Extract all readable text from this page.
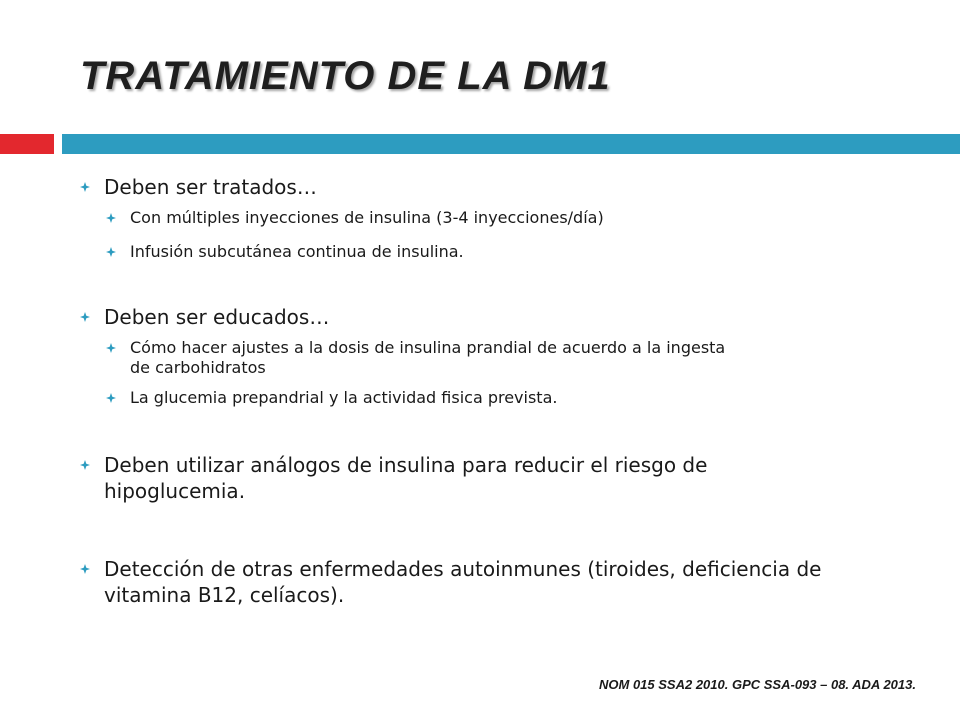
TRATAMIENTO DE LA DM1
Deben ser tratados…
Con múltiples inyecciones de insulina (3-4 inyecciones/día)
Infusión subcutánea continua de insulina.
Deben ser educados…
Cómo hacer ajustes a la dosis de insulina prandial de acuerdo a la ingesta de carbohidratos
La glucemia prepandrial y la actividad fisica prevista.
Deben utilizar análogos de insulina para reducir el riesgo de hipoglucemia.
Detección de otras enfermedades autoinmunes (tiroides, deficiencia de vitamina B12, celíacos).
NOM 015 SSA2 2010. GPC SSA-093 – 08. ADA 2013.
